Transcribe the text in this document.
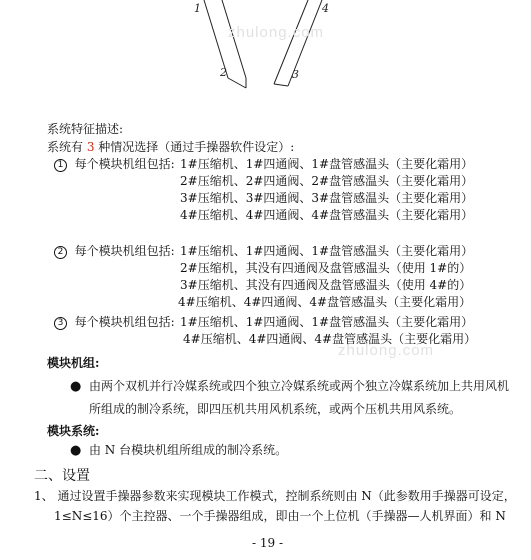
1	4
2	3
zhulong.com
zhulong.com
系统特征描述:
系统有 3 种情况选择（通过手操器软件设定）:
1 每个模块机组包括: 1#压缩机、1#四通阀、1#盘管感温头（主要化霜用）
2#压缩机、2#四通阀、2#盘管感温头（主要化霜用）
3#压缩机、3#四通阀、3#盘管感温头（主要化霜用）
4#压缩机、4#四通阀、4#盘管感温头（主要化霜用）
2 每个模块机组包括: 1#压缩机、1#四通阀、1#盘管感温头（主要化霜用）
2#压缩机，其没有四通阀及盘管感温头（使用 1#的）
3#压缩机、其没有四通阀及盘管感温头（使用 4#的）
4#压缩机、4#四通阀、4#盘管感温头（主要化霜用）
3 每个模块机组包括: 1#压缩机、1#四通阀、1#盘管感温头（主要化霜用）
4#压缩机、4#四通阀、4#盘管感温头（主要化霜用）
模块机组:
● 由两个双机并行冷媒系统或四个独立冷媒系统或两个独立冷媒系统加上共用风机
所组成的制冷系统，即四压机共用风机系统，或两个压机共用风系统。
模块系统:
● 由 N 台模块机组所组成的制冷系统。
二、设置
1、 通过设置手操器参数来实现模块工作模式，控制系统则由 N（此参数用手操器可设定，
1≤N≤16）个主控器、一个手操器组成，即由一个上位机（手操器—人机界面）和 N
- 19 -
